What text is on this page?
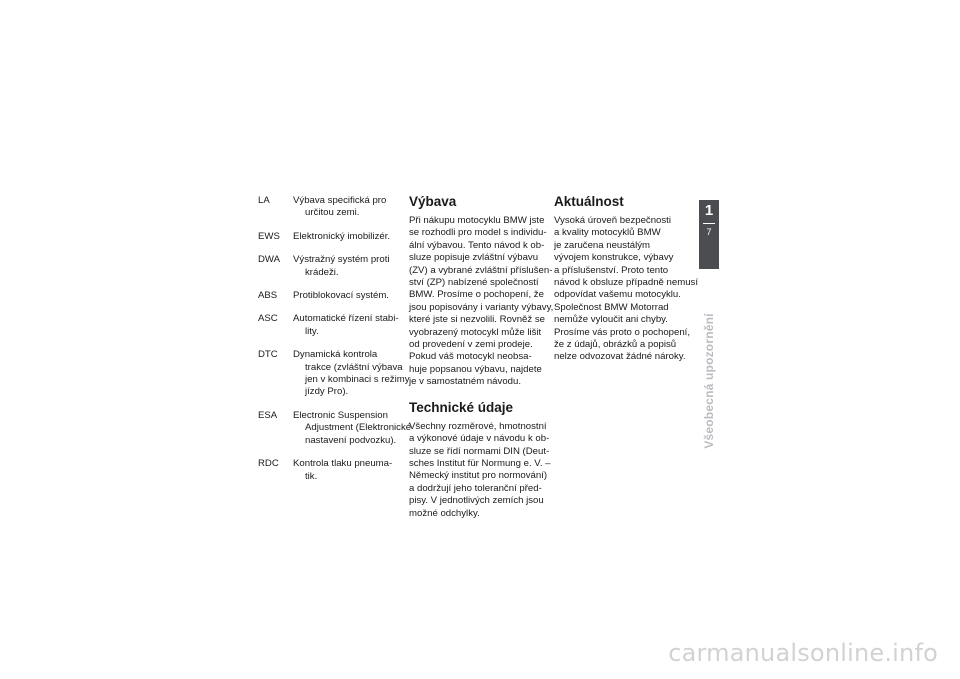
LA	Výbava specifická pro
určitou zemi.
EWS	Elektronický imobilizér.
DWA	Výstražný systém proti
krádeži.
ABS	Protiblokovací systém.
ASC	Automatické řízení stabi-
lity.
DTC	Dynamická kontrola
trakce (zvláštní výbava
jen v kombinaci s režimy
jízdy Pro).
ESA	Electronic Suspension
Adjustment (Elektronické
nastavení podvozku).
RDC	Kontrola tlaku pneuma-
tik.
Výbava

Při nákupu motocyklu BMW jste
se rozhodli pro model s individu-
ální výbavou. Tento návod k ob-
sluze popisuje zvláštní výbavu
(ZV) a vybrané zvláštní příslušen-
ství (ZP) nabízené společností
BMW. Prosíme o pochopení, že
jsou popisovány i varianty výbavy,
které jste si nezvolili. Rovněž se
vyobrazený motocykl může lišit
od provedení v zemi prodeje.
Pokud váš motocykl neobsa-
huje popsanou výbavu, najdete
je v samostatném návodu.

Technické údaje

Všechny rozměrové, hmotnostní
a výkonové údaje v návodu k ob-
sluze se řídí normami DIN (Deut-
sches Institut für Normung e. V. –
Německý institut pro normování)
a dodržují jeho toleranční před-
pisy. V jednotlivých zemích jsou
možné odchylky.

Aktuálnost

Vysoká úroveň bezpečnosti
a kvality motocyklů BMW
je zaručena neustálým
vývojem konstrukce, výbavy
a příslušenství. Proto tento
návod k obsluze případně nemusí
odpovídat vašemu motocyklu.
Společnost BMW Motorrad
nemůže vyloučit ani chyby.
Prosíme vás proto o pochopení,
že z údajů, obrázků a popisů
nelze odvozovat žádné nároky.

1
7
Všeobecná upozornění
carmanualsonline.info
